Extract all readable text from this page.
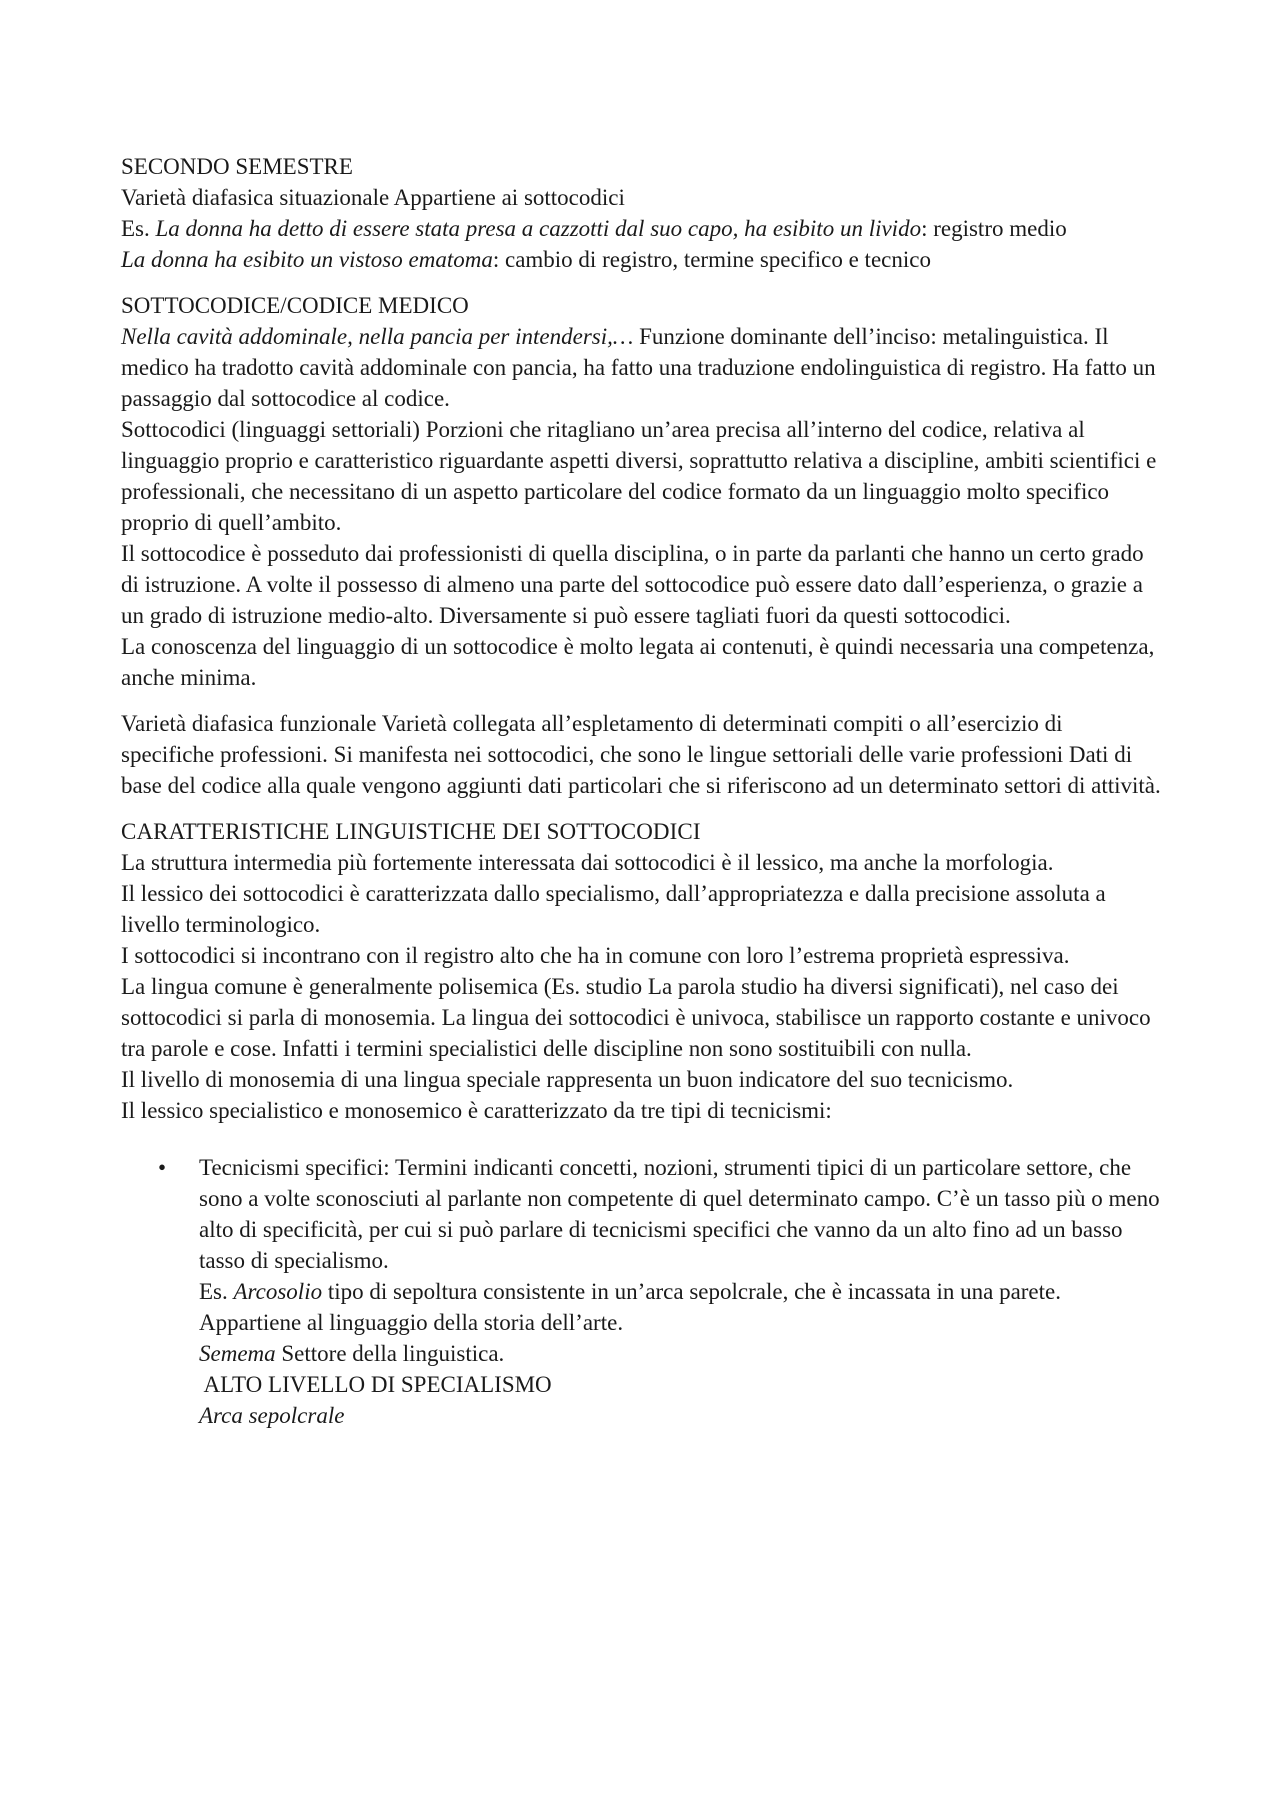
SECONDO SEMESTRE

Varietà diafasica situazionale Appartiene ai sottocodici

Es. La donna ha detto di essere stata presa a cazzotti dal suo capo, ha esibito un livido: registro medio

La donna ha esibito un vistoso ematoma: cambio di registro, termine specifico e tecnico

SOTTOCODICE/CODICE MEDICO

Nella cavità addominale, nella pancia per intendersi,… Funzione dominante dell’inciso: metalinguistica. Il medico ha tradotto cavità addominale con pancia, ha fatto una traduzione endolinguistica di registro. Ha fatto un passaggio dal sottocodice al codice.

Sottocodici (linguaggi settoriali) Porzioni che ritagliano un’area precisa all’interno del codice, relativa al linguaggio proprio e caratteristico riguardante aspetti diversi, soprattutto relativa a discipline, ambiti scientifici e professionali, che necessitano di un aspetto particolare del codice formato da un linguaggio molto specifico proprio di quell’ambito.

Il sottocodice è posseduto dai professionisti di quella disciplina, o in parte da parlanti che hanno un certo grado di istruzione. A volte il possesso di almeno una parte del sottocodice può essere dato dall’esperienza, o grazie a un grado di istruzione medio-alto. Diversamente si può essere tagliati fuori da questi sottocodici.

La conoscenza del linguaggio di un sottocodice è molto legata ai contenuti, è quindi necessaria una competenza, anche minima.

Varietà diafasica funzionale Varietà collegata all’espletamento di determinati compiti o all’esercizio di specifiche professioni. Si manifesta nei sottocodici, che sono le lingue settoriali delle varie professioni Dati di base del codice alla quale vengono aggiunti dati particolari che si riferiscono ad un determinato settori di attività.

CARATTERISTICHE LINGUISTICHE DEI SOTTOCODICI

La struttura intermedia più fortemente interessata dai sottocodici è il lessico, ma anche la morfologia.

Il lessico dei sottocodici è caratterizzata dallo specialismo, dall’appropriatezza e dalla precisione assoluta a livello terminologico.

I sottocodici si incontrano con il registro alto che ha in comune con loro l’estrema proprietà espressiva.

La lingua comune è generalmente polisemica (Es. studio La parola studio ha diversi significati), nel caso dei sottocodici si parla di monosemia. La lingua dei sottocodici è univoca, stabilisce un rapporto costante e univoco tra parole e cose. Infatti i termini specialistici delle discipline non sono sostituibili con nulla.

Il livello di monosemia di una lingua speciale rappresenta un buon indicatore del suo tecnicismo.

Il lessico specialistico e monosemico è caratterizzato da tre tipi di tecnicismi:

• Tecnicismi specifici: Termini indicanti concetti, nozioni, strumenti tipici di un particolare settore, che sono a volte sconosciuti al parlante non competente di quel determinato campo. C’è un tasso più o meno alto di specificità, per cui si può parlare di tecnicismi specifici che vanno da un alto fino ad un basso tasso di specialismo.

Es. Arcosolio tipo di sepoltura consistente in un’arca sepolcrale, che è incassata in una parete. Appartiene al linguaggio della storia dell’arte.

Semema Settore della linguistica.

ALTO LIVELLO DI SPECIALISMO

Arca sepolcrale
